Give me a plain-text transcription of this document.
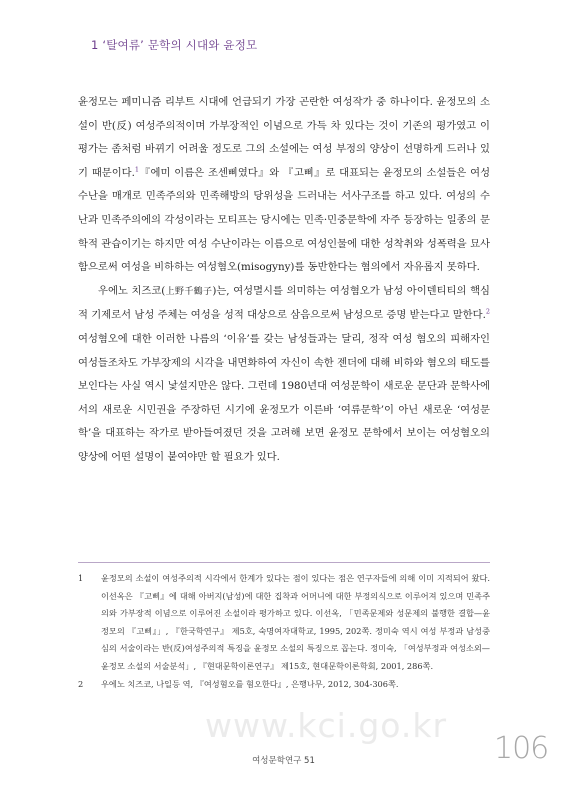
1 ‘탈여류’ 문학의 시대와 윤정모

윤정모는 페미니즘 리부트 시대에 언급되기 가장 곤란한 여성작가 중 하나이다. 윤정모의 소설이 반(反) 여성주의적이며 가부장적인 이념으로 가득 차 있다는 것이 기존의 평가였고 이 평가는 좀처럼 바뀌기 어려울 정도로 그의 소설에는 여성 부정의 양상이 선명하게 드러나 있기 때문이다.$^1$『에미 이름은 조센삐였다』와 『고삐』로 대표되는 윤정모의 소설들은 여성수난을 매개로 민족주의와 민족해방의 당위성을 드러내는 서사구조를 하고 있다. 여성의 수난과 민족주의에의 각성이라는 모티프는 당시에는 민족·민중문학에 자주 등장하는 일종의 문학적 관습이기는 하지만 여성 수난이라는 이름으로 여성인물에 대한 성착취와 성폭력을 묘사함으로써 여성을 비하하는 여성혐오(misogyny)를 동반한다는 혐의에서 자유롭지 못하다.

우에노 치즈코(上野千鶴子)는, 여성멸시를 의미하는 여성혐오가 남성 아이덴티티의 핵심적 기제로서 남성 주체는 여성을 성적 대상으로 삼음으로써 남성으로 증명 받는다고 말한다.$^2$ 여성혐오에 대한 이러한 나름의 ‘이유’를 갖는 남성들과는 달리, 정작 여성 혐오의 피해자인 여성들조차도 가부장제의 시각을 내면화하여 자신이 속한 젠더에 대해 비하와 혐오의 태도를 보인다는 사실 역시 낯설지만은 않다. 그런데 1980년대 여성문학이 새로운 문단과 문학사에서의 새로운 시민권을 주장하던 시기에 윤정모가 이른바 ‘여류문학’이 아닌 새로운 ‘여성문학’을 대표하는 작가로 받아들여졌던 것을 고려해 보면 윤정모 문학에서 보이는 여성혐오의 양상에 어떤 설명이 붙여야만 할 필요가 있다.

1	윤정모의 소설이 여성주의적 시각에서 한계가 있다는 점이 있다는 점은 연구자들에 의해 이미 지적되어 왔다. 이선옥은 『고삐』에 대해 아버지(남성)에 대한 집착과 어머니에 대한 부정의식으로 이루어져 있으며 민족주의와 가부장적 이념으로 이루어진 소설이라 평가하고 있다. 이선옥, 「민족문제와 성문제의 불행한 결합—윤정모의 『고삐』」, 『한국학연구』 제5호, 숙명여자대학교, 1995, 202쪽. 정미숙 역시 여성 부정과 남성중심의 서술이라는 반(反)여성주의적 특징을 윤정모 소설의 특징으로 꼽는다. 정미숙, 「여성부정과 여성소외—윤정모 소설의 서술분석」, 『현대문학이론연구』 제15호, 현대문학이론학회, 2001, 286쪽.
2	우에노 치즈코, 나일등 역, 『여성혐오를 혐오한다』, 은행나무, 2012, 304-306쪽.
www.kci.go.kr
여성문학연구 51	106
